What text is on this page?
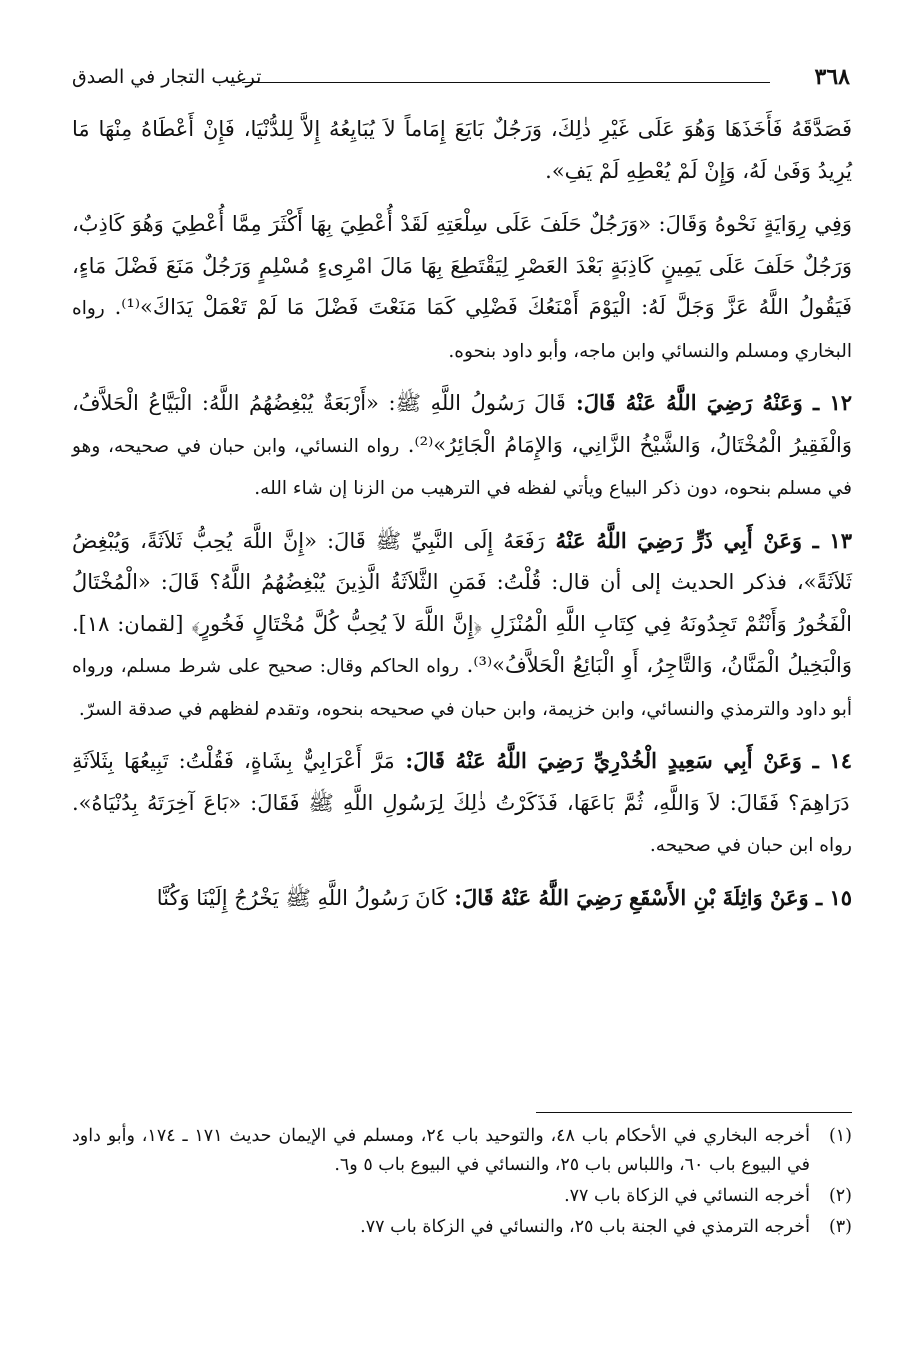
ترغيب التجار في الصدق	٣٦٨

فَصَدَّقَهُ فَأَخَذَهَا وَهُوَ عَلَى غَيْرِ ذٰلِكَ، وَرَجُلٌ بَايَعَ إِمَاماً لاَ يُبَايِعُهُ إِلاَّ لِلدُّنْيَا، فَإِنْ أَعْطَاهُ مِنْهَا مَا يُرِيدُ وَفَىٰ لَهُ، وَإِنْ لَمْ يُعْطِهِ لَمْ يَفِ».

وَفِي رِوَايَةٍ نَحْوهُ وَقَالَ: «وَرَجُلٌ حَلَفَ عَلَى سِلْعَتِهِ لَقَدْ أُعْطِيَ بِهَا أَكْثَرَ مِمَّا أُعْطِيَ وَهُوَ كَاذِبٌ، وَرَجُلٌ حَلَفَ عَلَى يَمِينٍ كَاذِبَةٍ بَعْدَ العَصْرِ لِيَقْتَطِعَ بِهَا مَالَ امْرِىءٍ مُسْلِمٍ وَرَجُلٌ مَنَعَ فَضْلَ مَاءٍ، فَيَقُولُ اللَّهُ عَزَّ وَجَلَّ لَهُ: الْيَوْمَ أَمْنَعُكَ فَضْلِي كَمَا مَنَعْتَ فَضْلَ مَا لَمْ تَعْمَلْ يَدَاكَ»⁽¹⁾. رواه البخاري ومسلم والنسائي وابن ماجه، وأبو داود بنحوه.

١٢ ـ وَعَنْهُ رَضِيَ اللَّهُ عَنْهُ قَالَ: قَالَ رَسُولُ اللَّهِ ﷺ: «أَرْبَعَةٌ يُبْغِضُهُمُ اللَّهُ: الْبَيَّاعُ الْحَلاَّفُ، وَالْفَقِيرُ الْمُخْتَالُ، وَالشَّيْخُ الزَّانِي، وَالإِمَامُ الْجَائِرُ»⁽²⁾. رواه النسائي، وابن حبان في صحيحه، وهو في مسلم بنحوه، دون ذكر البياع ويأتي لفظه في الترهيب من الزنا إن شاء الله.

١٣ ـ وَعَنْ أَبِي ذَرٍّ رَضِيَ اللَّهُ عَنْهُ رَفَعَهُ إِلَى النَّبِيِّ ﷺ قَالَ: «إِنَّ اللَّهَ يُحِبُّ ثَلاَثَةً، وَيُبْغِضُ ثَلاَثَةً»، فذكر الحديث إلى أن قال: قُلْتُ: فَمَنِ الثَّلاَثَةُ الَّذِينَ يُبْغِضُهُمُ اللَّهُ؟ قَالَ: «الْمُخْتَالُ الْفَخُورُ وَأَنْتُمْ تَجِدُونَهُ فِي كِتَابِ اللَّهِ الْمُنْزَلِ ﴿إِنَّ اللَّهَ لاَ يُحِبُّ كُلَّ مُخْتَالٍ فَخُورٍ﴾ [لقمان: ١٨]. وَالْبَخِيلُ الْمَنَّانُ، وَالتَّاجِرُ، أَوِ الْبَائِعُ الْحَلاَّفُ»⁽³⁾. رواه الحاكم وقال: صحيح على شرط مسلم، ورواه أبو داود والترمذي والنسائي، وابن خزيمة، وابن حبان في صحيحه بنحوه، وتقدم لفظهم في صدقة السرّ.

١٤ ـ وَعَنْ أَبِي سَعِيدٍ الْخُدْرِيِّ رَضِيَ اللَّهُ عَنْهُ قَالَ: مَرَّ أَعْرَابِيٌّ بِشَاةٍ، فَقُلْتُ: تَبِيعُهَا بِثَلاَثَةِ دَرَاهِمَ؟ فَقَالَ: لاَ وَاللَّهِ، ثُمَّ بَاعَهَا، فَذَكَرْتُ ذٰلِكَ لِرَسُولِ اللَّهِ ﷺ فَقَالَ: «بَاعَ آخِرَتَهُ بِدُنْيَاهُ». رواه ابن حبان في صحيحه.

١٥ ـ وَعَنْ وَاثِلَةَ بْنِ الأَسْقَعِ رَضِيَ اللَّهُ عَنْهُ قَالَ: كَانَ رَسُولُ اللَّهِ ﷺ يَخْرُجُ إِلَيْنَا وَكُنَّا

(١)
أخرجه البخاري في الأحكام باب ٤٨، والتوحيد باب ٢٤، ومسلم في الإيمان حديث ١٧١ ـ ١٧٤، وأبو داود في البيوع باب ٦٠، واللباس باب ٢٥، والنسائي في البيوع باب ٥ و٦.
(٢)
أخرجه النسائي في الزكاة باب ٧٧.
(٣)
أخرجه الترمذي في الجنة باب ٢٥، والنسائي في الزكاة باب ٧٧.
